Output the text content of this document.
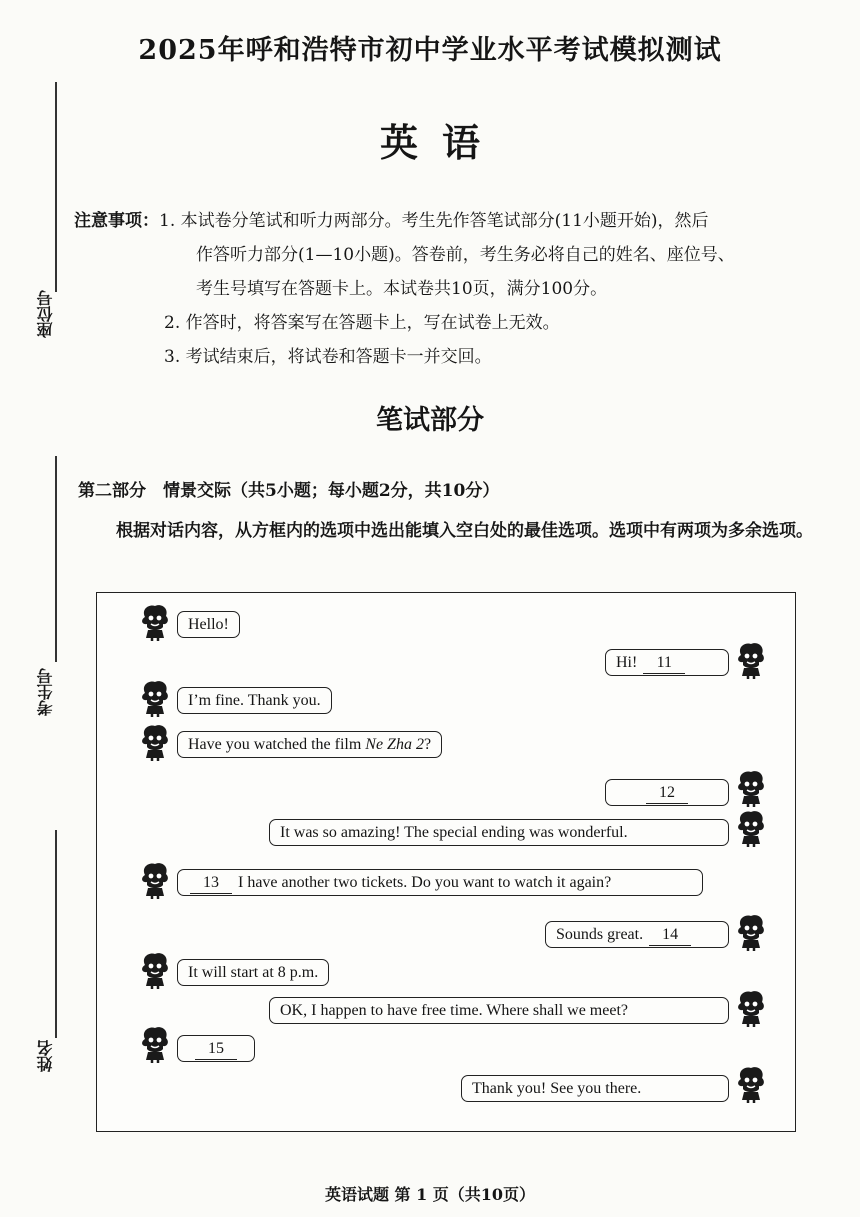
2025年呼和浩特市初中学业水平考试模拟测试
英语
注意事项：1. 本试卷分笔试和听力两部分。考生先作答笔试部分(11小题开始)，然后
作答听力部分(1—10小题)。答卷前，考生务必将自己的姓名、座位号、
考生号填写在答题卡上。本试卷共10页，满分100分。
2. 作答时，将答案写在答题卡上，写在试卷上无效。
3. 考试结束后，将试卷和答题卡一并交回。
笔试部分
第二部分　情景交际（共5小题；每小题2分，共10分）
根据对话内容，从方框内的选项中选出能填入空白处的最佳选项。选项中有两项为多余选项。
座位号
考生号
姓名
Hello!
Hi! 11
I’m fine. Thank you.
Have you watched the film Ne Zha 2?
12
It was so amazing! The special ending was wonderful.
13 I have another two tickets. Do you want to watch it again?
Sounds great. 14
It will start at 8 p.m.
OK, I happen to have free time. Where shall we meet?
15
Thank you! See you there.
英语试题 第 1 页（共10页）
